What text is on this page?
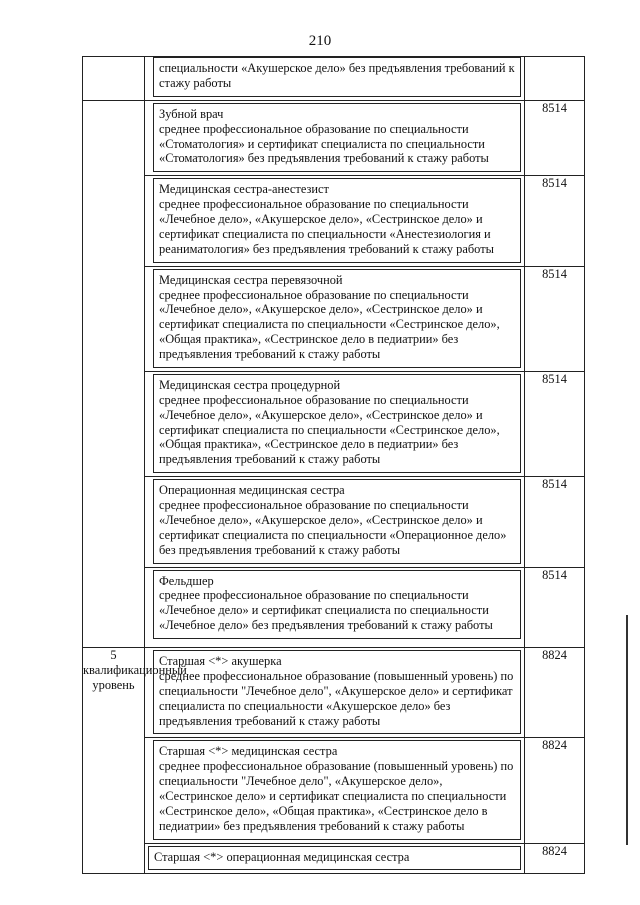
210

	специальности «Акушерское дело» без предъявления требований к стажу работы	

	Зубной врач
среднее профессиональное образование по специальности «Стоматология» и сертификат специалиста по специальности «Стоматология» без предъявления требований к стажу работы	8514

	Медицинская сестра-анестезист
среднее профессиональное образование по специальности «Лечебное дело», «Акушерское дело», «Сестринское дело» и сертификат специалиста по специальности «Анестезиология и реаниматология» без предъявления требований к стажу работы	8514

	Медицинская сестра перевязочной
среднее профессиональное образование по специальности «Лечебное дело», «Акушерское дело», «Сестринское дело» и сертификат специалиста по специальности «Сестринское дело», «Общая практика», «Сестринское дело в педиатрии» без предъявления требований к стажу работы	8514

	Медицинская сестра процедурной
среднее профессиональное образование по специальности «Лечебное дело», «Акушерское дело», «Сестринское дело» и сертификат специалиста по специальности «Сестринское дело», «Общая практика», «Сестринское дело в педиатрии» без предъявления требований к стажу работы	8514

	Операционная медицинская сестра
среднее профессиональное образование по специальности «Лечебное дело», «Акушерское дело», «Сестринское дело» и сертификат специалиста по специальности «Операционное дело» без предъявления требований к стажу работы	8514

	Фельдшер
среднее профессиональное образование по специальности «Лечебное дело» и сертификат специалиста по специальности «Лечебное дело» без предъявления требований к стажу работы	8514
5 квалификационный уровень	Старшая <*> акушерка
среднее профессиональное образование (повышенный уровень) по специальности "Лечебное дело", «Акушерское дело» и сертификат специалиста по специальности «Акушерское дело» без предъявления требований к стажу работы	8824

	Старшая <*> медицинская сестра
среднее профессиональное образование (повышенный уровень) по специальности "Лечебное дело", «Акушерское дело», «Сестринское дело» и сертификат специалиста по специальности «Сестринское дело», «Общая практика», «Сестринское дело в педиатрии» без предъявления требований к стажу работы	8824

	Старшая <*> операционная медицинская сестра	8824
